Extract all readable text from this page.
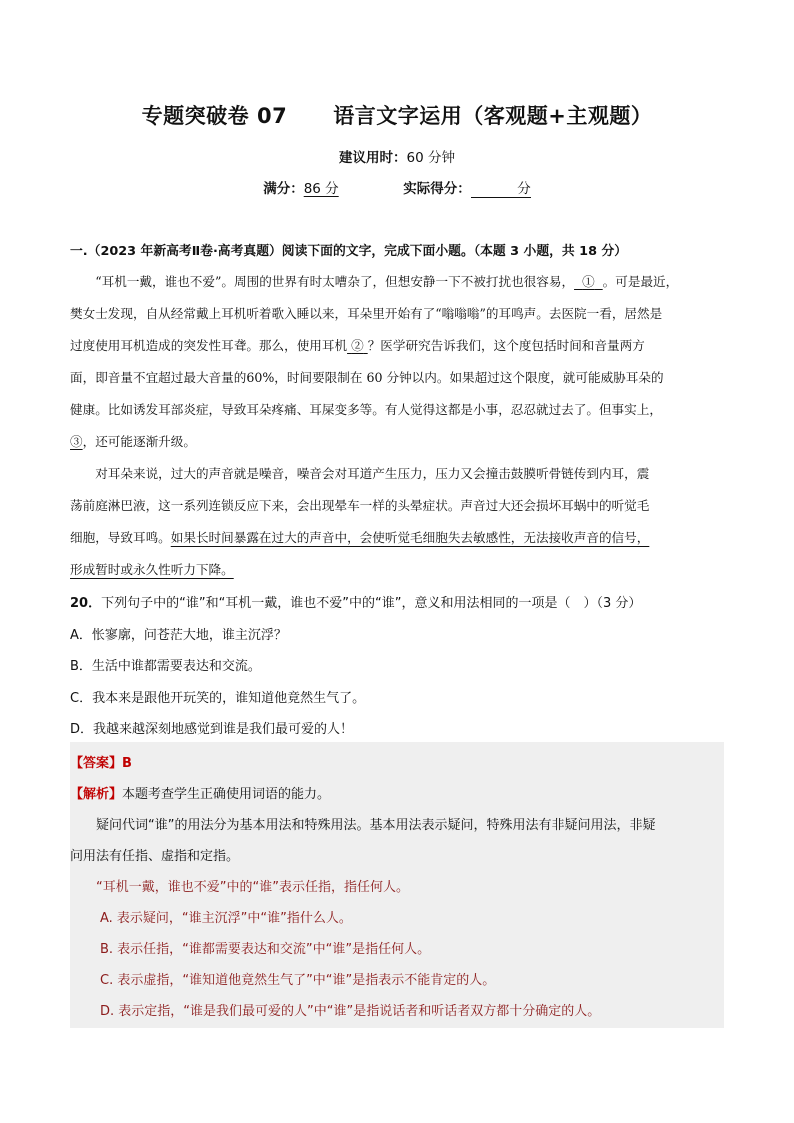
专题突破卷 07 语言文字运用（客观题+主观题）
建议用时：60 分钟
满分：86 分	实际得分：	分
一.（2023 年新高考Ⅱ卷·高考真题）阅读下面的文字，完成下面小题。（本题 3 小题，共 18 分）

“耳机一戴，谁也不爱”。周围的世界有时太嘈杂了，但想安静一下不被打扰也很容易， ① 。可是最近，
樊女士发现，自从经常戴上耳机听着歌入睡以来，耳朵里开始有了“嗡嗡嗡”的耳鸣声。去医院一看，居然是
过度使用耳机造成的突发性耳聋。那么，使用耳机 ② ？医学研究告诉我们，这个度包括时间和音量两方
面，即音量不宜超过最大音量的60%，时间要限制在 60 分钟以内。如果超过这个限度，就可能威胁耳朵的
健康。比如诱发耳部炎症，导致耳朵疼痛、耳屎变多等。有人觉得这都是小事，忍忍就过去了。但事实上，
③，还可能逐渐升级。

对耳朵来说，过大的声音就是噪音，噪音会对耳道产生压力，压力又会撞击鼓膜听骨链传到内耳，震
荡前庭淋巴液，这一系列连锁反应下来，会出现晕车一样的头晕症状。声音过大还会损坏耳蜗中的听觉毛
细胞，导致耳鸣。如果长时间暴露在过大的声音中，会使听觉毛细胞失去敏感性，无法接收声音的信号，
形成暂时或永久性听力下降。

20．下列句子中的“谁”和“耳机一戴，谁也不爱”中的“谁”，意义和用法相同的一项是（　）（3 分）
A．怅寥廓，问苍茫大地，谁主沉浮？
B．生活中谁都需要表达和交流。
C．我本来是跟他开玩笑的，谁知道他竟然生气了。
D．我越来越深刻地感觉到谁是我们最可爱的人！
【答案】B
【解析】本题考查学生正确使用词语的能力。
疑问代词“谁”的用法分为基本用法和特殊用法。基本用法表示疑问，特殊用法有非疑问用法，非疑
问用法有任指、虚指和定指。
“耳机一戴，谁也不爱”中的“谁”表示任指，指任何人。
A. 表示疑问，“谁主沉浮”中“谁”指什么人。
B. 表示任指，“谁都需要表达和交流”中“谁”是指任何人。
C. 表示虚指，“谁知道他竟然生气了”中“谁”是指表示不能肯定的人。
D. 表示定指，“谁是我们最可爱的人”中“谁”是指说话者和听话者双方都十分确定的人。
